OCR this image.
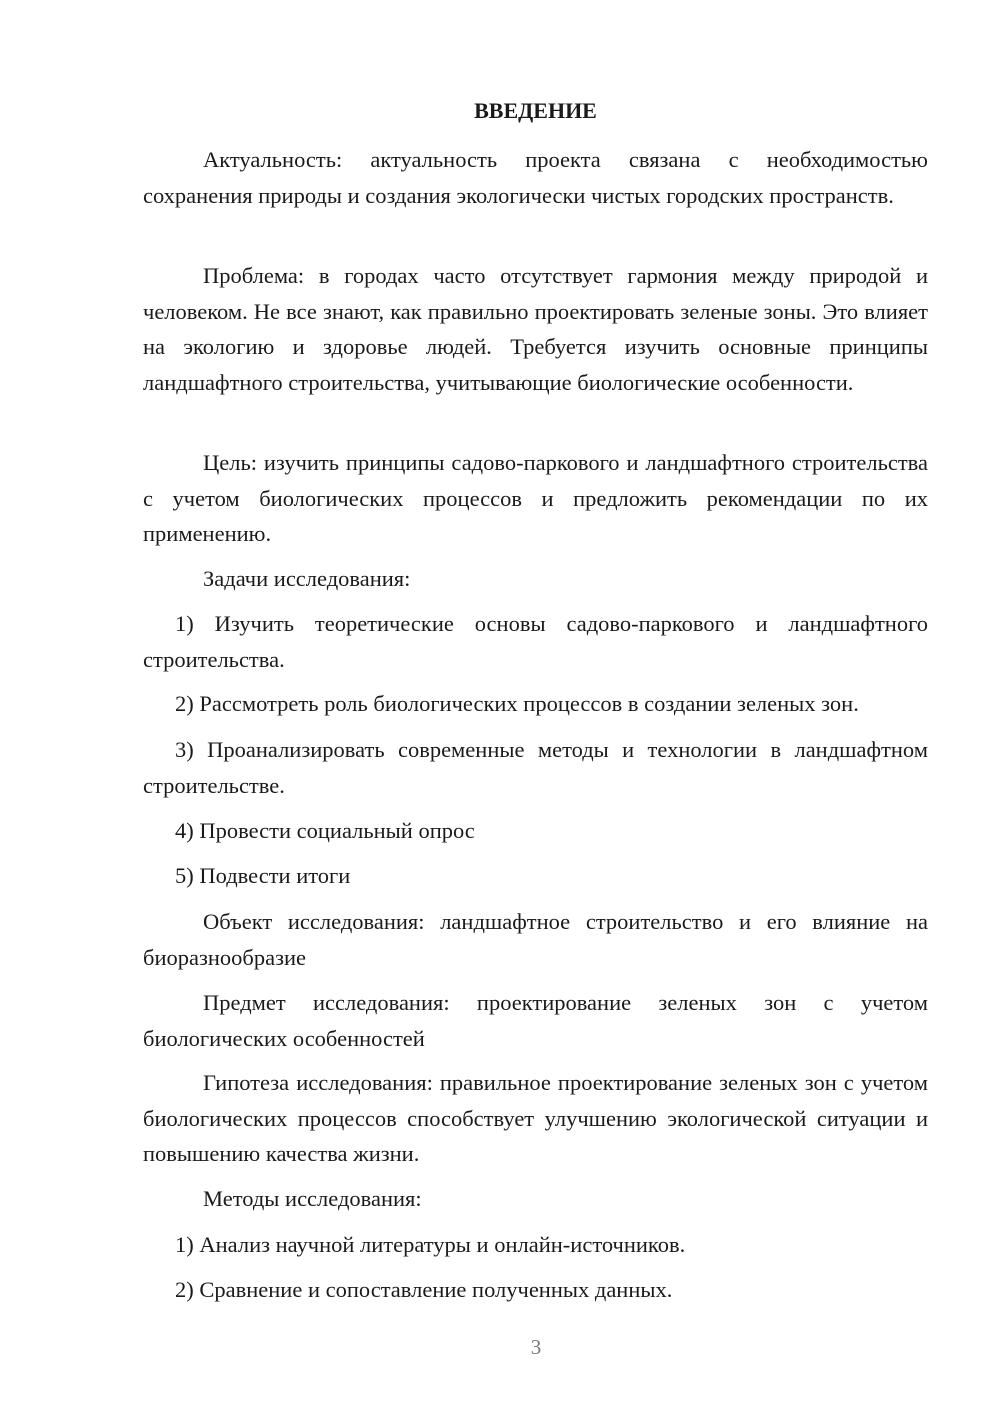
ВВЕДЕНИЕ

Актуальность: актуальность проекта связана с необходимостью сохранения природы и создания экологически чистых городских пространств.

Проблема: в городах часто отсутствует гармония между природой и человеком. Не все знают, как правильно проектировать зеленые зоны. Это влияет на экологию и здоровье людей. Требуется изучить основные принципы ландшафтного строительства, учитывающие биологические особенности.

Цель: изучить принципы садово-паркового и ландшафтного строительства с учетом биологических процессов и предложить рекомендации по их применению.

Задачи исследования:

1) Изучить теоретические основы садово-паркового и ландшафтного строительства.

2) Рассмотреть роль биологических процессов в создании зеленых зон.

3) Проанализировать современные методы и технологии в ландшафтном строительстве.

4) Провести социальный опрос

5) Подвести итоги

Объект исследования: ландшафтное строительство и его влияние на биоразнообразие

Предмет исследования: проектирование зеленых зон с учетом биологических особенностей

Гипотеза исследования: правильное проектирование зеленых зон с учетом биологических процессов способствует улучшению экологической ситуации и повышению качества жизни.

Методы исследования:

1) Анализ научной литературы и онлайн-источников.

2) Сравнение и сопоставление полученных данных.

3
